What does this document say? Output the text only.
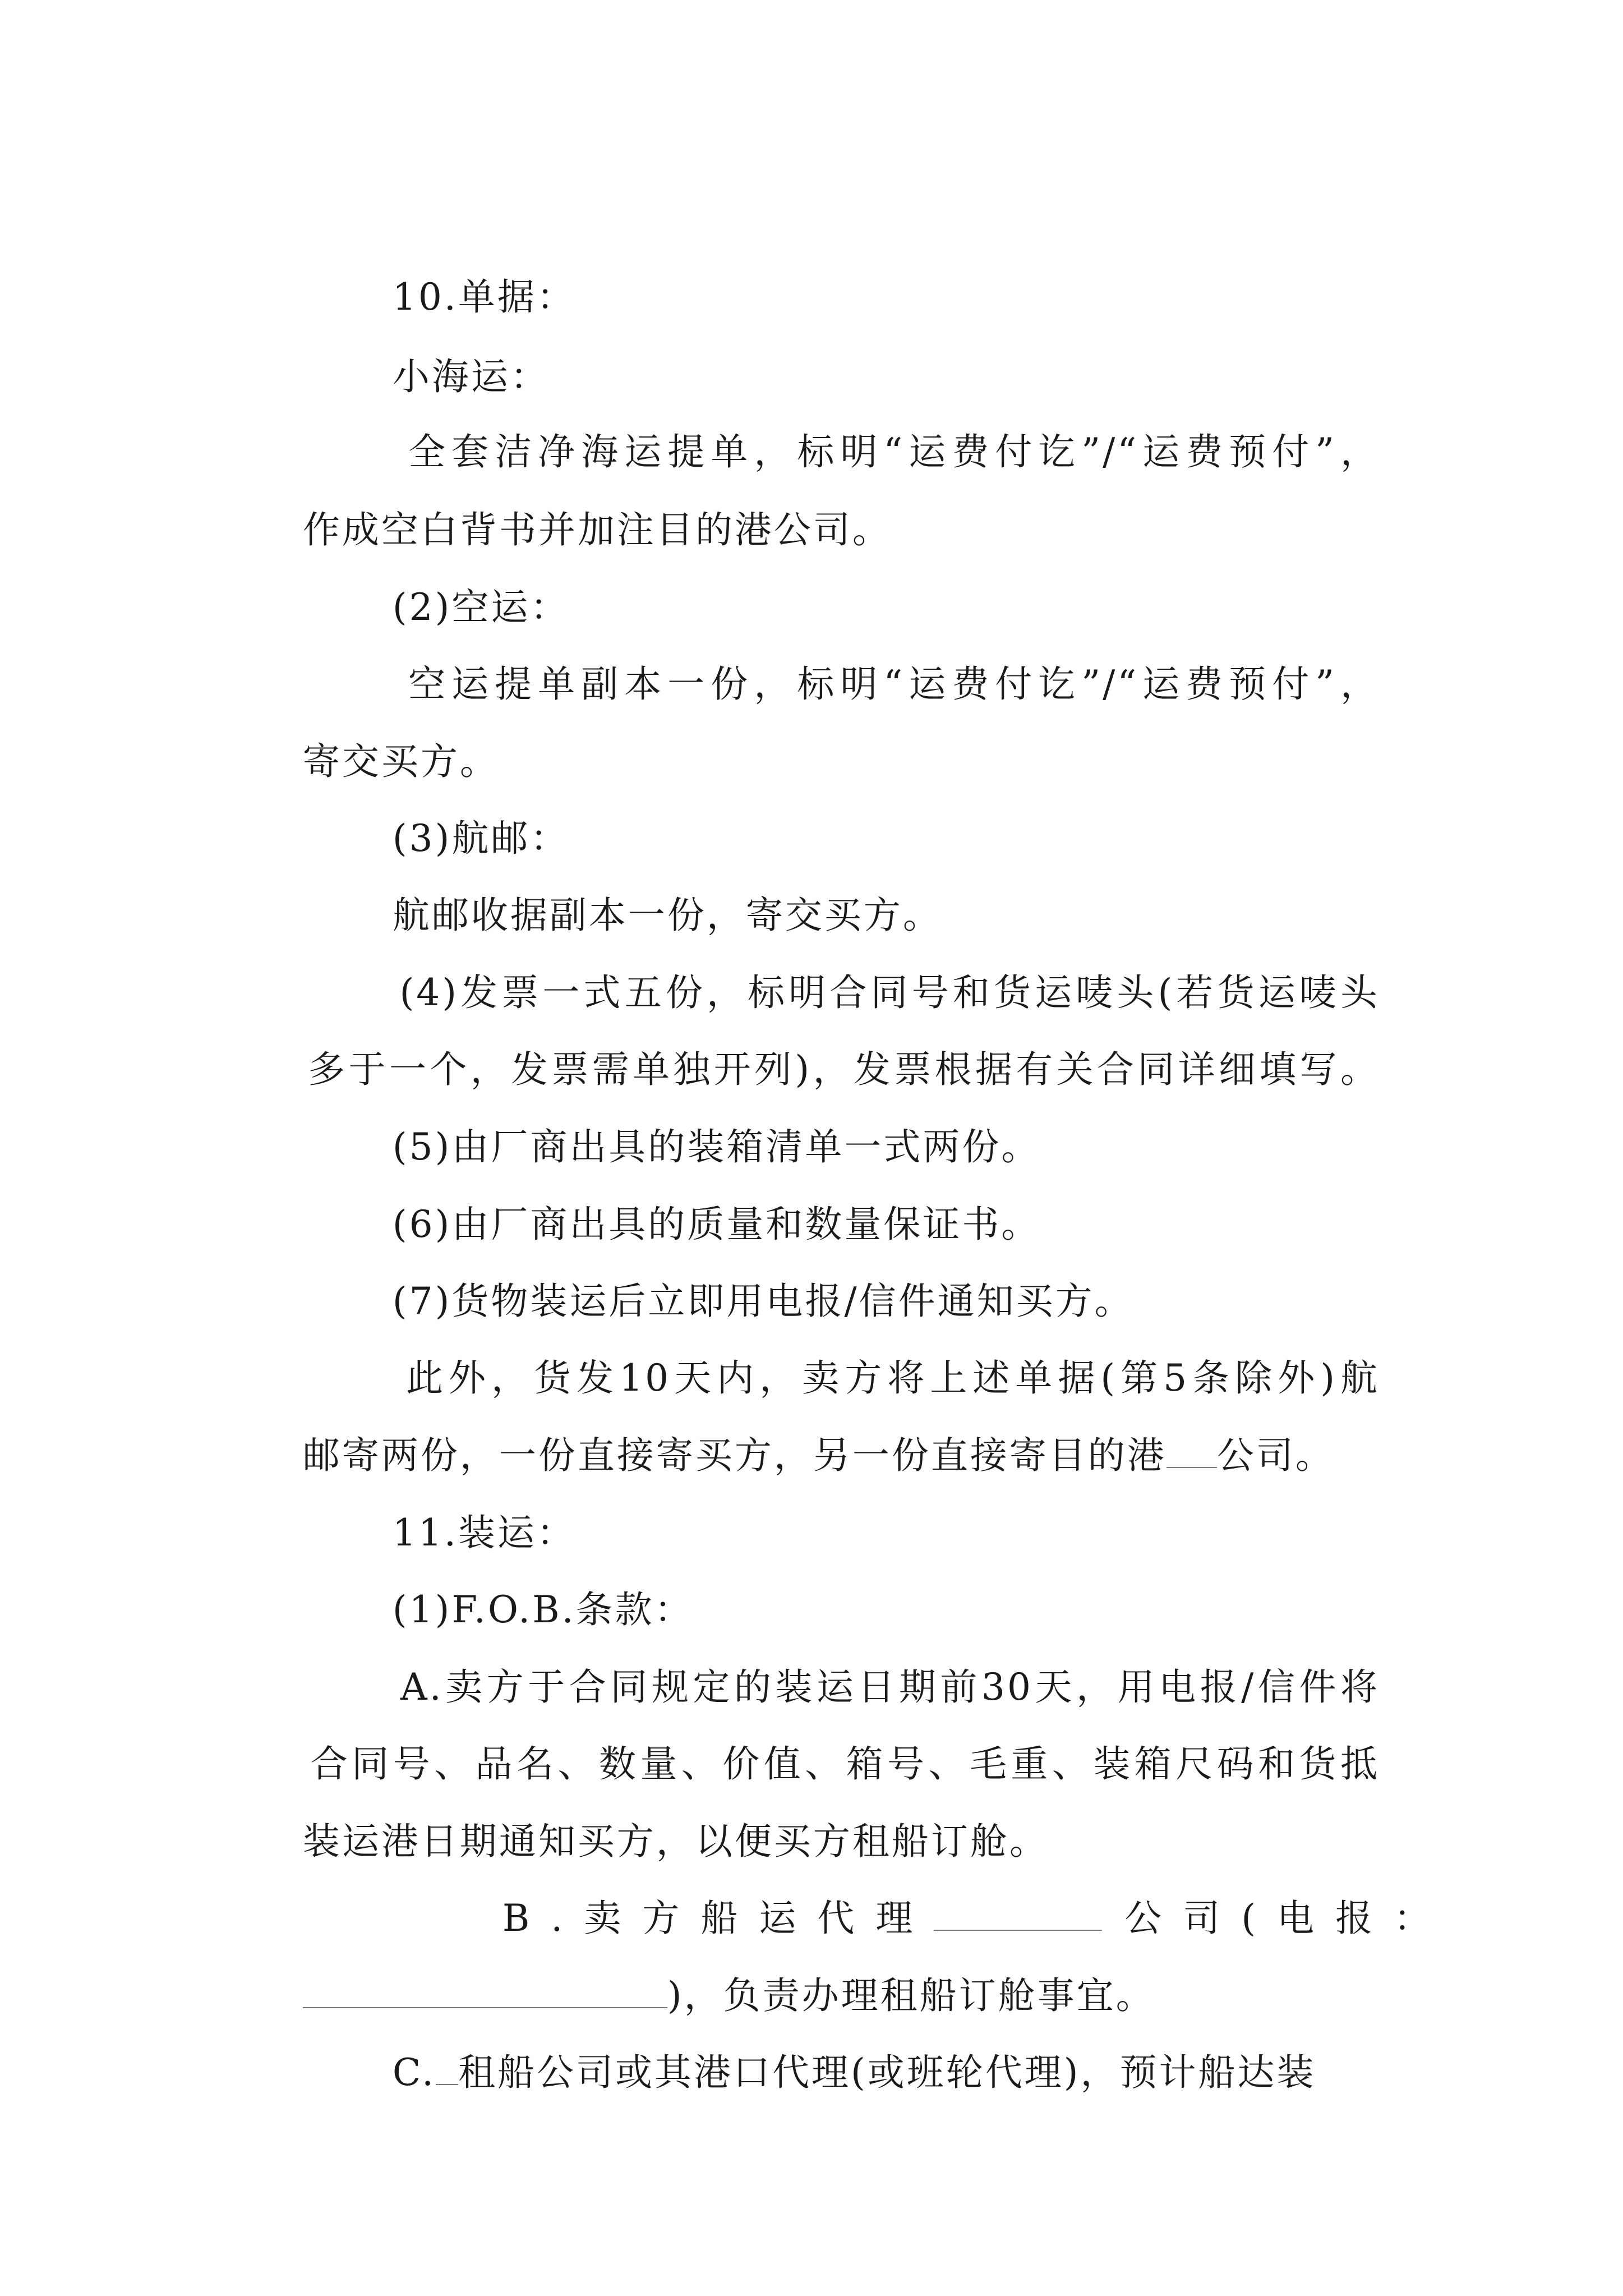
10.单据：

小海运：

全套洁净海运提单，标明“运费付讫”/“运费预付”，

作成空白背书并加注目的港公司。

(2)空运：

空运提单副本一份，标明“运费付讫”/“运费预付”，

寄交买方。

(3)航邮：

航邮收据副本一份，寄交买方。

(4)发票一式五份，标明合同号和货运唛头(若货运唛头

多于一个，发票需单独开列)，发票根据有关合同详细填写。

(5)由厂商出具的装箱清单一式两份。

(6)由厂商出具的质量和数量保证书。

(7)货物装运后立即用电报/信件通知买方。

此外，货发10天内，卖方将上述单据(第5条除外)航

邮寄两份，一份直接寄买方，另一份直接寄目的港 公司。

11.装运：

(1)F.O.B.条款：

A.卖方于合同规定的装运日期前30天，用电报/信件将

合同号、品名、数量、价值、箱号、毛重、装箱尺码和货抵

装运港日期通知买方，以便买方租船订舱。

B.卖方船运代理	公司(电报：

)，负责办理租船订舱事宜。

C. 租船公司或其港口代理(或班轮代理)，预计船达装
